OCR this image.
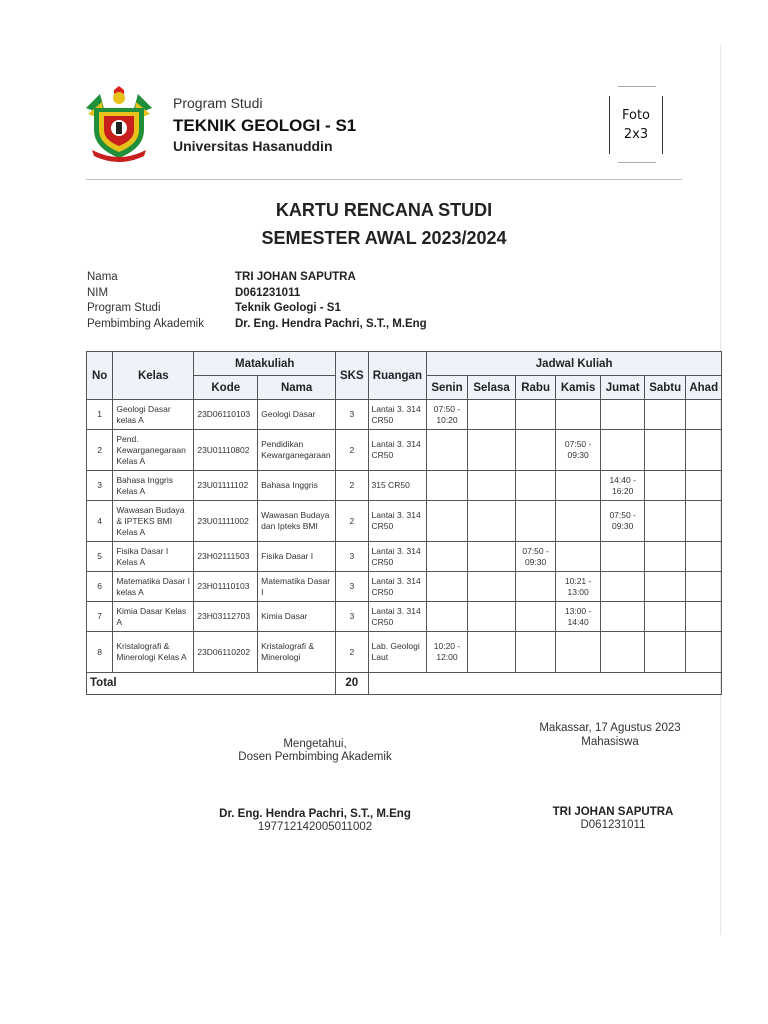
Program Studi
TEKNIK GEOLOGI - S1
Universitas Hasanuddin
Foto
2x3
KARTU RENCANA STUDI
SEMESTER AWAL 2023/2024
Nama	TRI JOHAN SAPUTRA
NIM	D061231011
Program Studi	Teknik Geologi - S1
Pembimbing Akademik	Dr. Eng. Hendra Pachri, S.T., M.Eng
No	Kelas	Matakuliah		SKS	Ruangan	Jadwal Kuliah						
		Kode	Nama			Senin	Selasa	Rabu	Kamis	Jumat	Sabtu	Ahad
1	Geologi Dasar kelas A	23D06110103	Geologi Dasar	3	Lantai 3. 314 CR50	07:50 - 10:20						
2	Pend. Kewarganegaraan Kelas A	23U01110802	Pendidikan Kewarganegaraan	2	Lantai 3. 314 CR50				07:50 - 09:30			
3	Bahasa Inggris Kelas A	23U01111102	Bahasa Inggris	2	315 CR50					14:40 - 16:20		
4	Wawasan Budaya & IPTEKS BMI Kelas A	23U01111002	Wawasan Budaya dan Ipteks BMI	2	Lantai 3. 314 CR50					07:50 - 09:30		
5	Fisika Dasar I Kelas A	23H02111503	Fisika Dasar I	3	Lantai 3. 314 CR50			07:50 - 09:30				
6	Matematika Dasar I kelas A	23H01110103	Matematika Dasar I	3	Lantai 3. 314 CR50				10:21 - 13:00			
7	Kimia Dasar Kelas A	23H03112703	Kimia Dasar	3	Lantai 3. 314 CR50				13:00 - 14:40			
8	Kristalografi & Minerologi Kelas A	23D06110202	Kristalografi & Minerologi	2	Lab. Geologi Laut	10:20 - 12:00						
Total				20								
Makassar, 17 Agustus 2023
Mahasiswa
Mengetahui,
Dosen Pembimbing Akademik
Dr. Eng. Hendra Pachri, S.T., M.Eng
197712142005011002
TRI JOHAN SAPUTRA
D061231011
